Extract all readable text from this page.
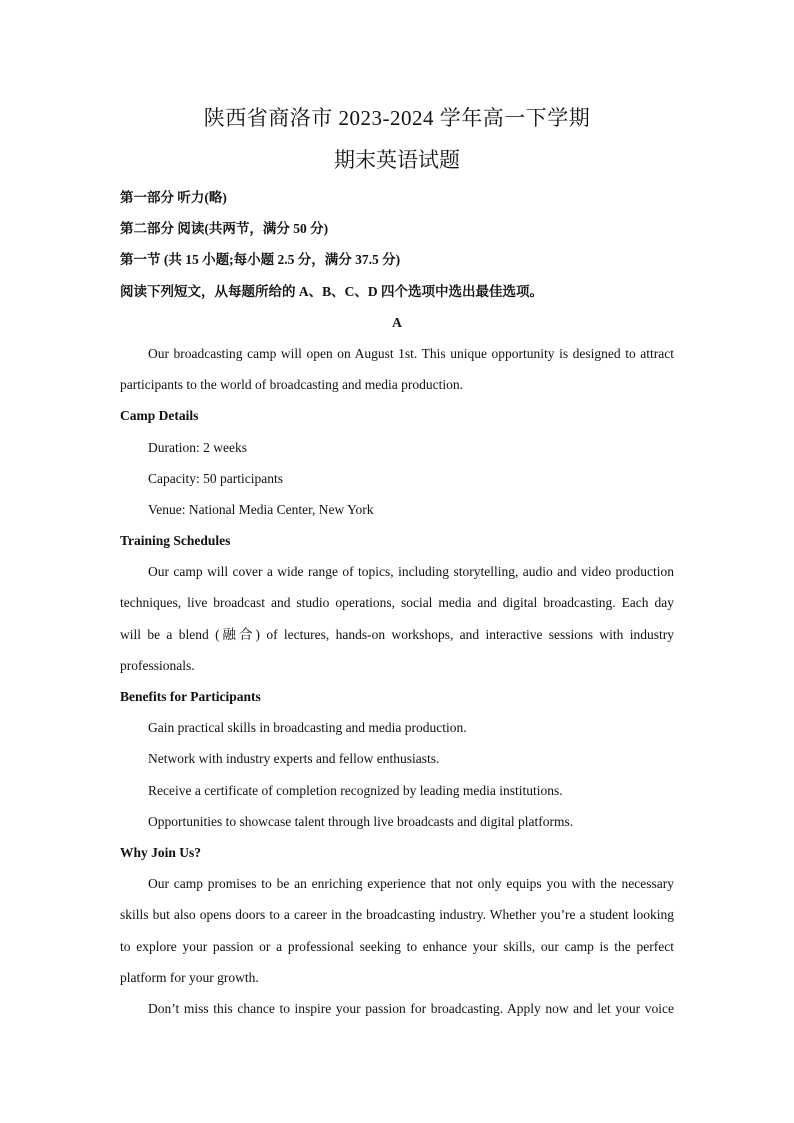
陕西省商洛市 2023-2024 学年高一下学期
期末英语试题
第一部分 听力(略)
第二部分 阅读(共两节，满分 50 分)
第一节 (共 15 小题;每小题 2.5 分，满分 37.5 分)
阅读下列短文，从每题所给的 A、B、C、D 四个选项中选出最佳选项。
A
Our broadcasting camp will open on August 1st. This unique opportunity is designed to attract
participants to the world of broadcasting and media production.
Camp Details
Duration: 2 weeks
Capacity: 50 participants
Venue: National Media Center, New York
Training Schedules
Our camp will cover a wide range of topics, including storytelling, audio and video production
techniques, live broadcast and studio operations, social media and digital broadcasting. Each day
will be a blend (融合) of lectures, hands-on workshops, and interactive sessions with industry
professionals.
Benefits for Participants
Gain practical skills in broadcasting and media production.
Network with industry experts and fellow enthusiasts.
Receive a certificate of completion recognized by leading media institutions.
Opportunities to showcase talent through live broadcasts and digital platforms.
Why Join Us?
Our camp promises to be an enriching experience that not only equips you with the necessary
skills but also opens doors to a career in the broadcasting industry. Whether you’re a student looking
to explore your passion or a professional seeking to enhance your skills, our camp is the perfect
platform for your growth.
Don’t miss this chance to inspire your passion for broadcasting. Apply now and let your voice
